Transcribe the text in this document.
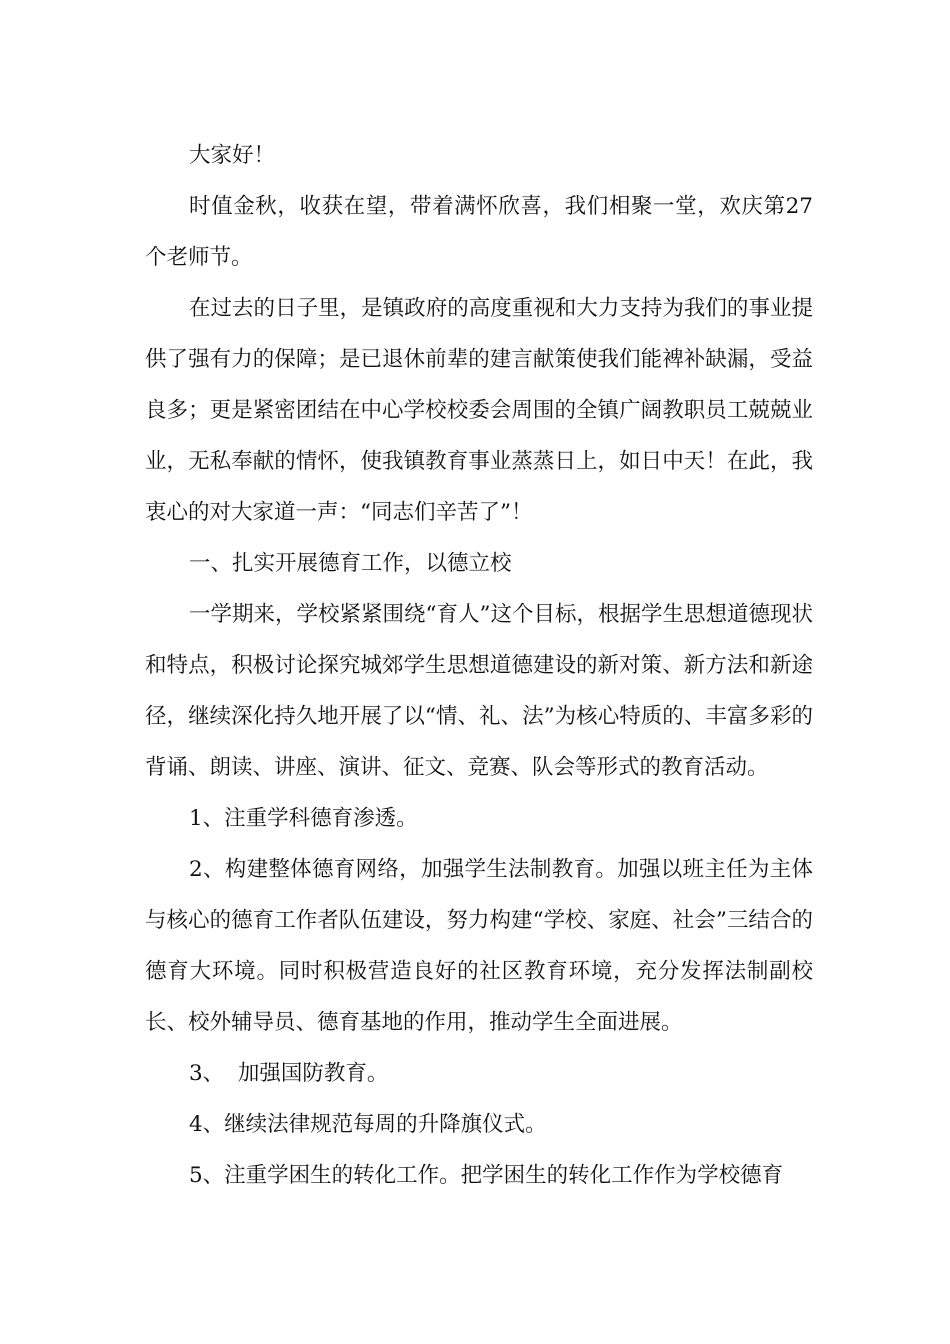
大家好！

时值金秋，收获在望，带着满怀欣喜，我们相聚一堂，欢庆第27 个老师节。

在过去的日子里，是镇政府的高度重视和大力支持为我们的事业提供了强有力的保障；是已退休前辈的建言献策使我们能裨补缺漏，受益良多；更是紧密团结在中心学校校委会周围的全镇广阔教职员工兢兢业业，无私奉献的情怀，使我镇教育事业蒸蒸日上，如日中天！在此，我衷心的对大家道一声：“同志们辛苦了”！

一、扎实开展德育工作，以德立校

一学期来，学校紧紧围绕“育人”这个目标，根据学生思想道德现状和特点，积极讨论探究城郊学生思想道德建设的新对策、新方法和新途径，继续深化持久地开展了以“情、礼、法”为核心特质的、丰富多彩的背诵、朗读、讲座、演讲、征文、竞赛、队会等形式的教育活动。

1、注重学科德育渗透。

2、构建整体德育网络，加强学生法制教育。加强以班主任为主体与核心的德育工作者队伍建设，努力构建“学校、家庭、社会”三结合的德育大环境。同时积极营造良好的社区教育环境，充分发挥法制副校长、校外辅导员、德育基地的作用，推动学生全面进展。

3、  加强国防教育。

4、继续法律规范每周的升降旗仪式。

5、注重学困生的转化工作。把学困生的转化工作作为学校德育
